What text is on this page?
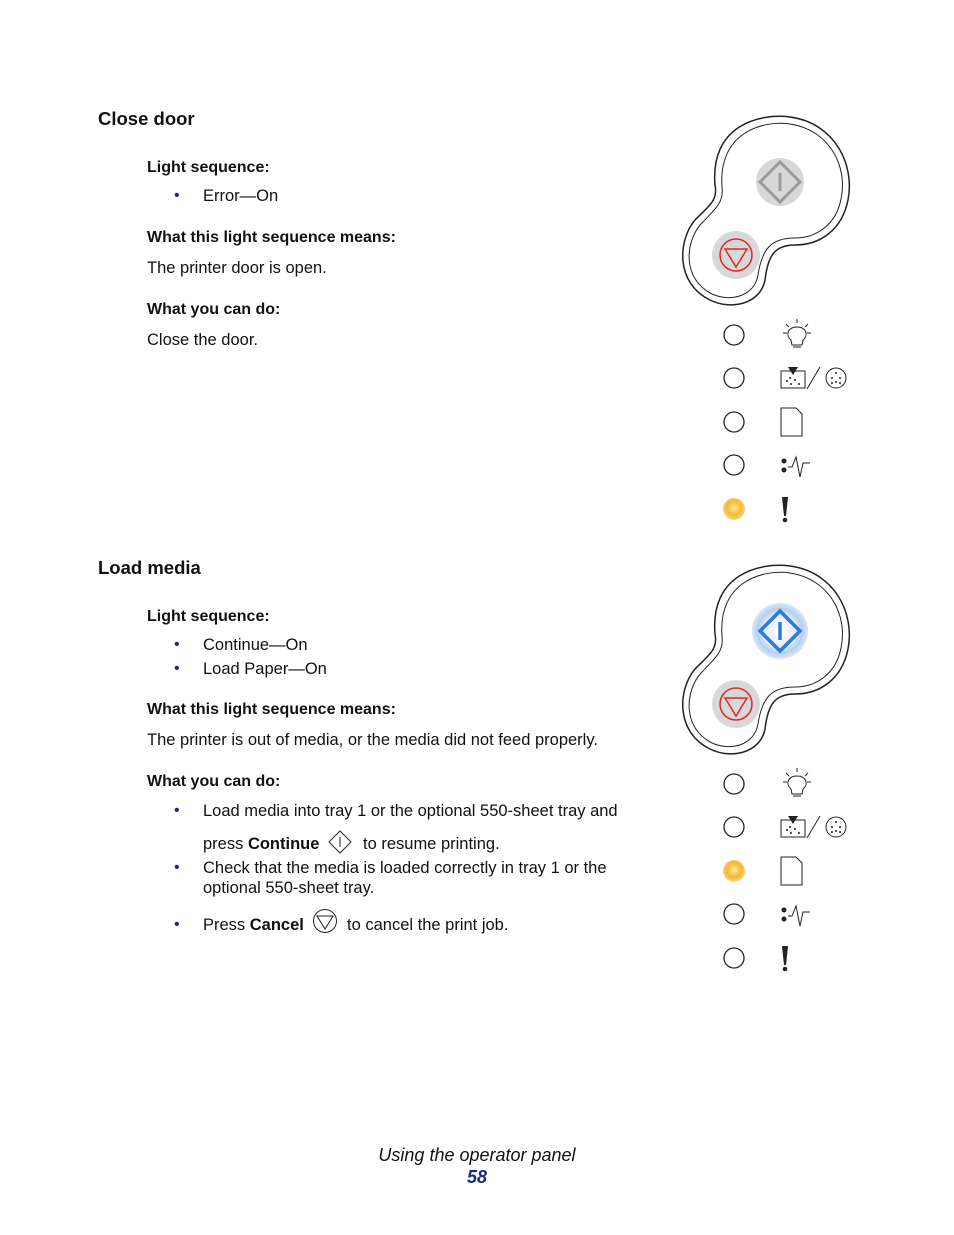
Close door
Light sequence:
• Error—On
What this light sequence means:
The printer door is open.
What you can do:
Close the door.
Load media
Light sequence:
• Continue—On
• Load Paper—On
What this light sequence means:
The printer is out of media, or the media did not feed properly.
What you can do:
• Load media into tray 1 or the optional 550-sheet tray and
press Continue	to resume printing.
• Check that the media is loaded correctly in tray 1 or the
optional 550-sheet tray.
• Press Cancel	to cancel the print job.
Using the operator panel
58
